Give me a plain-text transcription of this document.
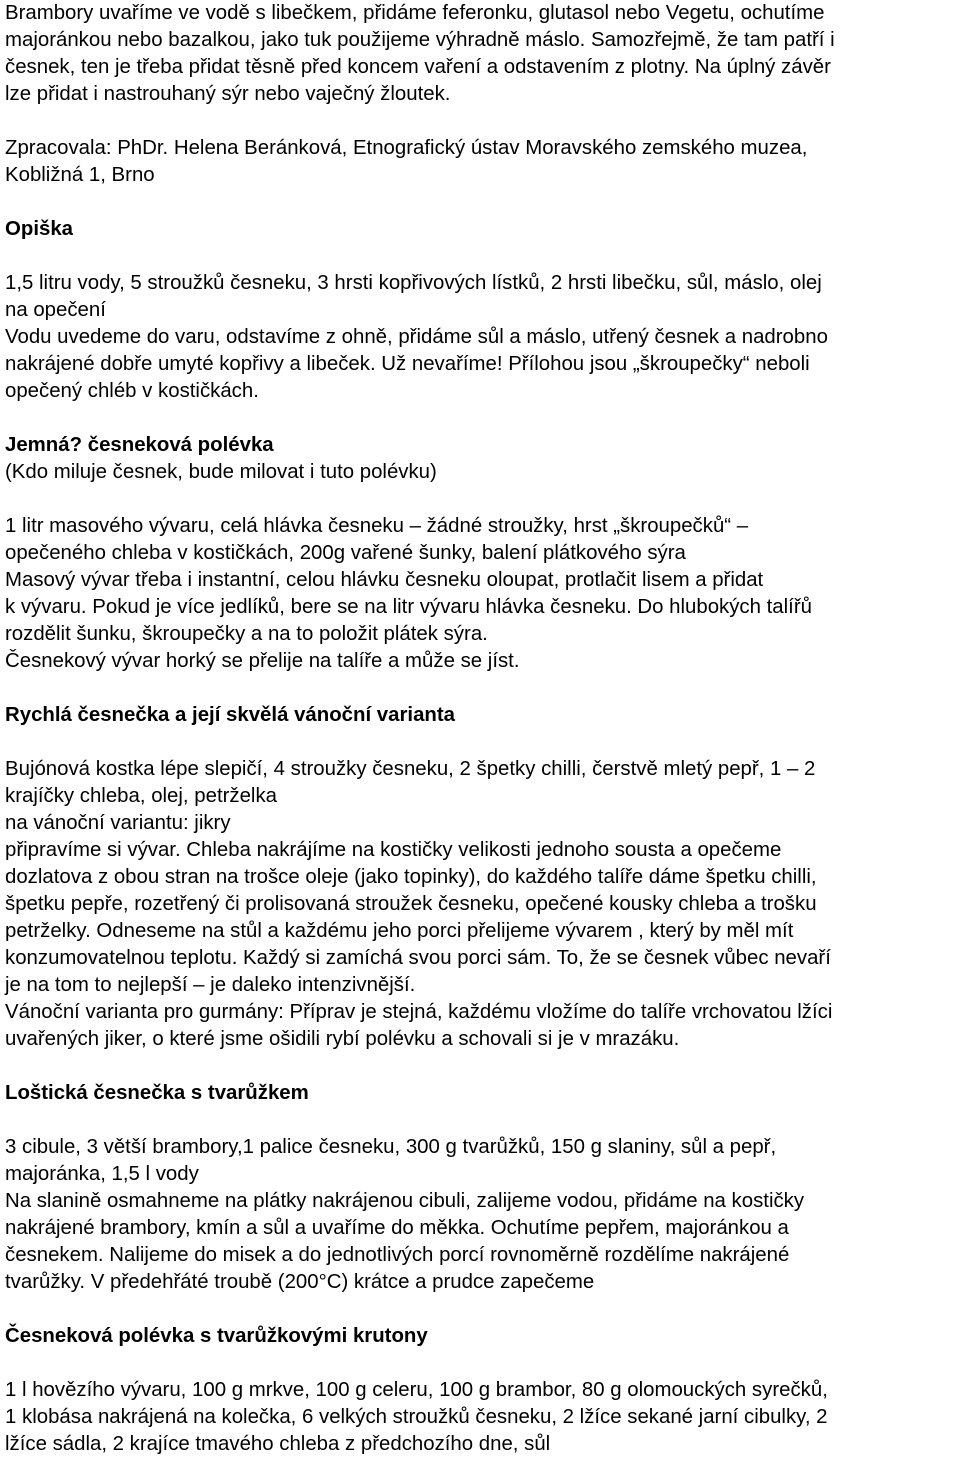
Brambory uvaříme ve vodě s libečkem, přidáme feferonku, glutasol nebo Vegetu, ochutíme
majoránkou nebo bazalkou, jako tuk použijeme výhradně máslo. Samozřejmě, že tam patří i
česnek, ten je třeba přidat těsně před koncem vaření a odstavením z plotny. Na úplný závěr
lze přidat i nastrouhaný sýr nebo vaječný žloutek.
Zpracovala: PhDr. Helena Beránková, Etnografický ústav Moravského zemského muzea,
Kobližná 1, Brno
Opiška
1,5 litru vody, 5 stroužků česneku, 3 hrsti kopřivových lístků, 2 hrsti libečku, sůl, máslo, olej
na opečení
Vodu uvedeme do varu, odstavíme z ohně, přidáme sůl a máslo, utřený česnek a nadrobno
nakrájené dobře umyté kopřivy a libeček. Už nevaříme! Přílohou jsou „škroupečky“ neboli
opečený chléb v kostičkách.
Jemná? česneková polévka
(Kdo miluje česnek, bude milovat i tuto polévku)
1 litr masového vývaru, celá hlávka česneku – žádné stroužky, hrst „škroupečků“ –
opečeného chleba v kostičkách, 200g vařené šunky, balení plátkového sýra
Masový vývar třeba i instantní, celou hlávku česneku oloupat, protlačit lisem a přidat
k vývaru. Pokud je více jedlíků, bere se na litr vývaru hlávka česneku. Do hlubokých talířů
rozdělit šunku, škroupečky a na to položit plátek sýra.
Česnekový vývar horký se přelije na talíře a může se jíst.
Rychlá česnečka a její skvělá vánoční varianta
Bujónová kostka lépe slepičí, 4 stroužky česneku, 2 špetky chilli, čerstvě mletý pepř, 1 – 2
krajíčky chleba, olej, petrželka
na vánoční variantu: jikry
připravíme si vývar. Chleba nakrájíme na kostičky velikosti jednoho sousta a opečeme
dozlatova z obou stran na trošce oleje (jako topinky), do každého talíře dáme špetku chilli,
špetku pepře, rozetřený či prolisovaná stroužek česneku, opečené kousky chleba a trošku
petrželky. Odneseme na stůl a každému jeho porci přelijeme vývarem , který by měl mít
konzumovatelnou teplotu. Každý si zamíchá svou porci sám. To, že se česnek vůbec nevaří
je na tom to nejlepší – je daleko intenzivnější.
Vánoční varianta pro gurmány: Příprav je stejná, každému vložíme do talíře vrchovatou lžíci
uvařených jiker, o které jsme ošidili rybí polévku a schovali si je v mrazáku.
Loštická česnečka s tvarůžkem
3 cibule, 3 větší brambory,1 palice česneku, 300 g tvarůžků, 150 g slaniny, sůl a pepř,
majoránka, 1,5 l vody
Na slanině osmahneme na plátky nakrájenou cibuli, zalijeme vodou, přidáme na kostičky
nakrájené brambory, kmín a sůl a uvaříme do měkka. Ochutíme pepřem, majoránkou a
česnekem. Nalijeme do misek a do jednotlivých porcí rovnoměrně rozdělíme nakrájené
tvarůžky. V předehřáté troubě (200°C) krátce a prudce zapečeme
Česneková polévka s tvarůžkovými krutony
1 l hovězího vývaru, 100 g mrkve, 100 g celeru, 100 g brambor, 80 g olomouckých syrečků,
1 klobása nakrájená na kolečka, 6 velkých stroužků česneku, 2 lžíce sekané jarní cibulky, 2
lžíce sádla, 2 krajíce tmavého chleba z předchozího dne, sůl
